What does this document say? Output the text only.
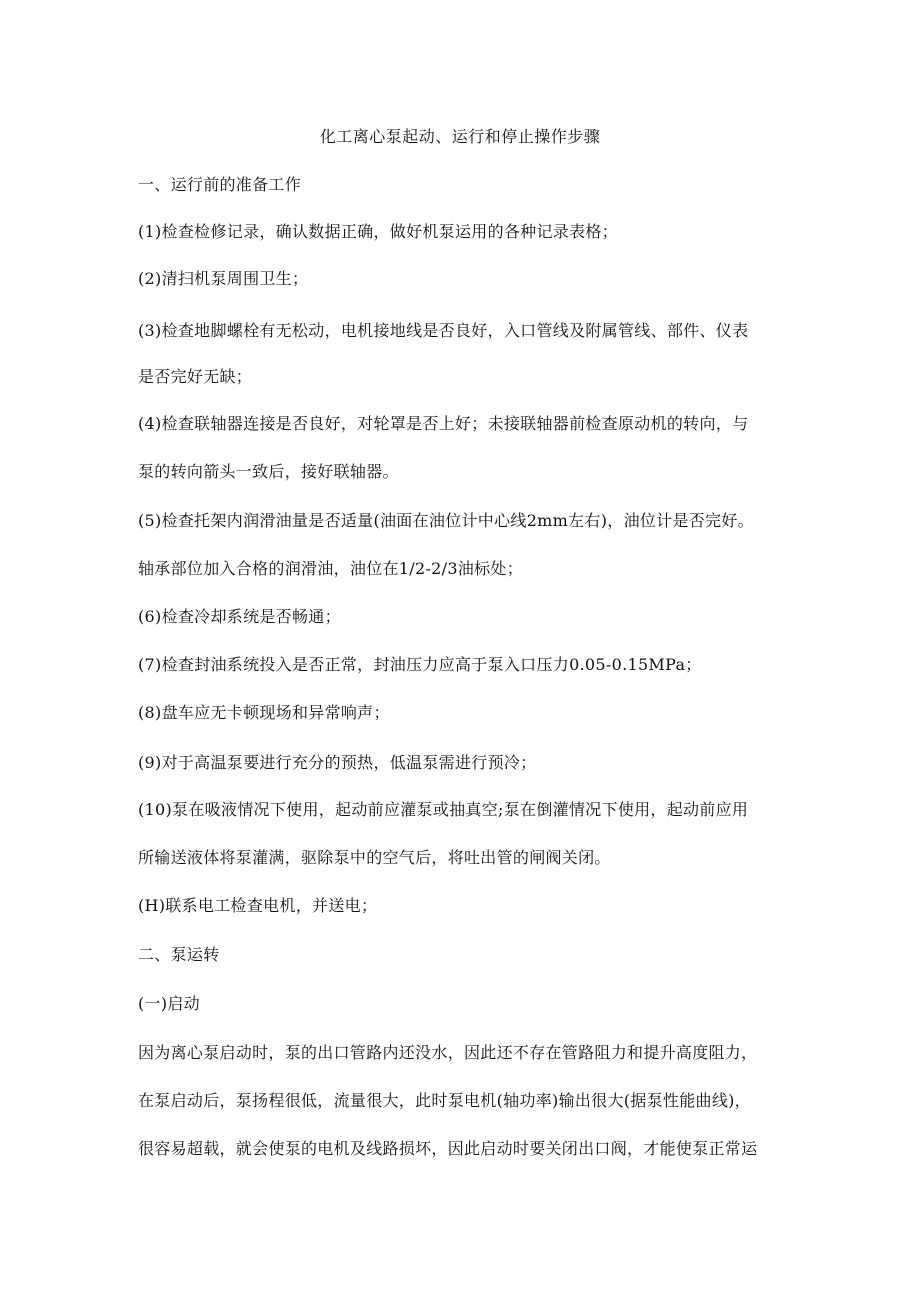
化工离心泵起动、运行和停止操作步骤

一、运行前的准备工作

(1)检查检修记录，确认数据正确，做好机泵运用的各种记录表格；

(2)清扫机泵周围卫生；

(3)检查地脚螺栓有无松动，电机接地线是否良好，入口管线及附属管线、部件、仪表

是否完好无缺；

(4)检查联轴器连接是否良好，对轮罩是否上好；未接联轴器前检查原动机的转向，与

泵的转向箭头一致后，接好联轴器。

(5)检查托架内润滑油量是否适量(油面在油位计中心线2mm左右)，油位计是否完好。

轴承部位加入合格的润滑油，油位在1/2-2/3油标处；

(6)检查冷却系统是否畅通；

(7)检查封油系统投入是否正常，封油压力应高于泵入口压力0.05-0.15MPa；

(8)盘车应无卡顿现场和异常响声；

(9)对于高温泵要进行充分的预热，低温泵需进行预冷；

(10)泵在吸液情况下使用，起动前应灌泵或抽真空;泵在倒灌情况下使用，起动前应用

所输送液体将泵灌满，驱除泵中的空气后，将吐出管的闸阀关闭。

(H)联系电工检查电机，并送电；

二、泵运转

(一)启动

因为离心泵启动时，泵的出口管路内还没水，因此还不存在管路阻力和提升高度阻力，

在泵启动后，泵扬程很低，流量很大，此时泵电机(轴功率)输出很大(据泵性能曲线)，

很容易超载，就会使泵的电机及线路损坏，因此启动时要关闭出口阀，才能使泵正常运
